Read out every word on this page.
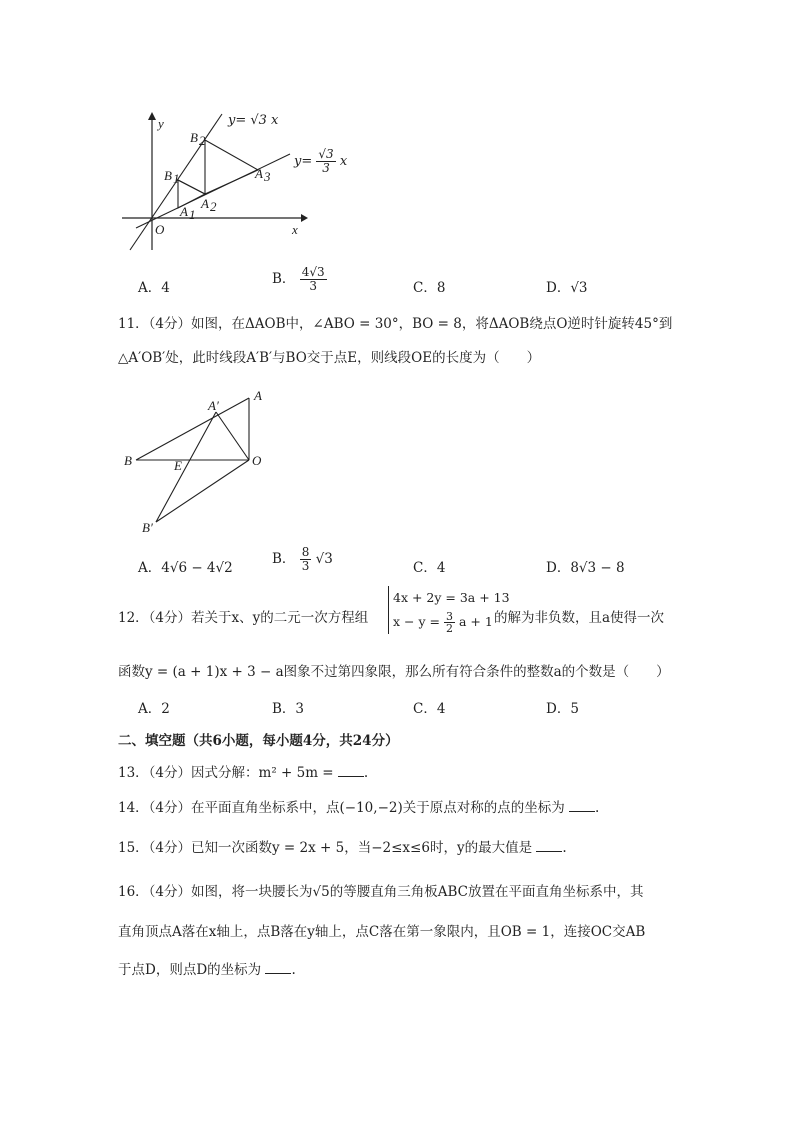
y
x
O
B 1
B 2
A 1
A 2
A 3
y= √3 x
$y= \frac{√3}{3}$ x
A．4
B． $\frac{4√3}{3}$	C．8	D．√3
11．（4分）如图，在ΔAOB中，∠ABO = 30°，BO = 8，将ΔAOB绕点O逆时针旋转45°到
△A′OB′处，此时线段A′B′与BO交于点E，则线段OE的长度为（　　）
A
A′
B	E	O
B′
A．4√6 − 4√2
B． $\frac{8}{3} √3$
C．4	D．8√3 − 8
12．（4分）若关于x、y的二元一次方程组
4x + 2y = 3a + 13
$x - y = \frac{3}{2}$ a + 1 的解为非负数，且a使得一次
函数y = (a + 1)x + 3 − a图象不过第四象限，那么所有符合条件的整数a的个数是（　　）
A．2	B．3	C．4	D．5
二、填空题（共6小题，每小题4分，共24分）
13．（4分）因式分解：m² + 5m = .
14．（4分）在平面直角坐标系中，点(−10,−2)关于原点对称的点的坐标为 .
15．（4分）已知一次函数y = 2x + 5，当−2≤x≤6时，y的最大值是 .
16．（4分）如图，将一块腰长为√5的等腰直角三角板ABC放置在平面直角坐标系中，其
直角顶点A落在x轴上，点B落在y轴上，点C落在第一象限内，且OB = 1，连接OC交AB
于点D，则点D的坐标为 .
